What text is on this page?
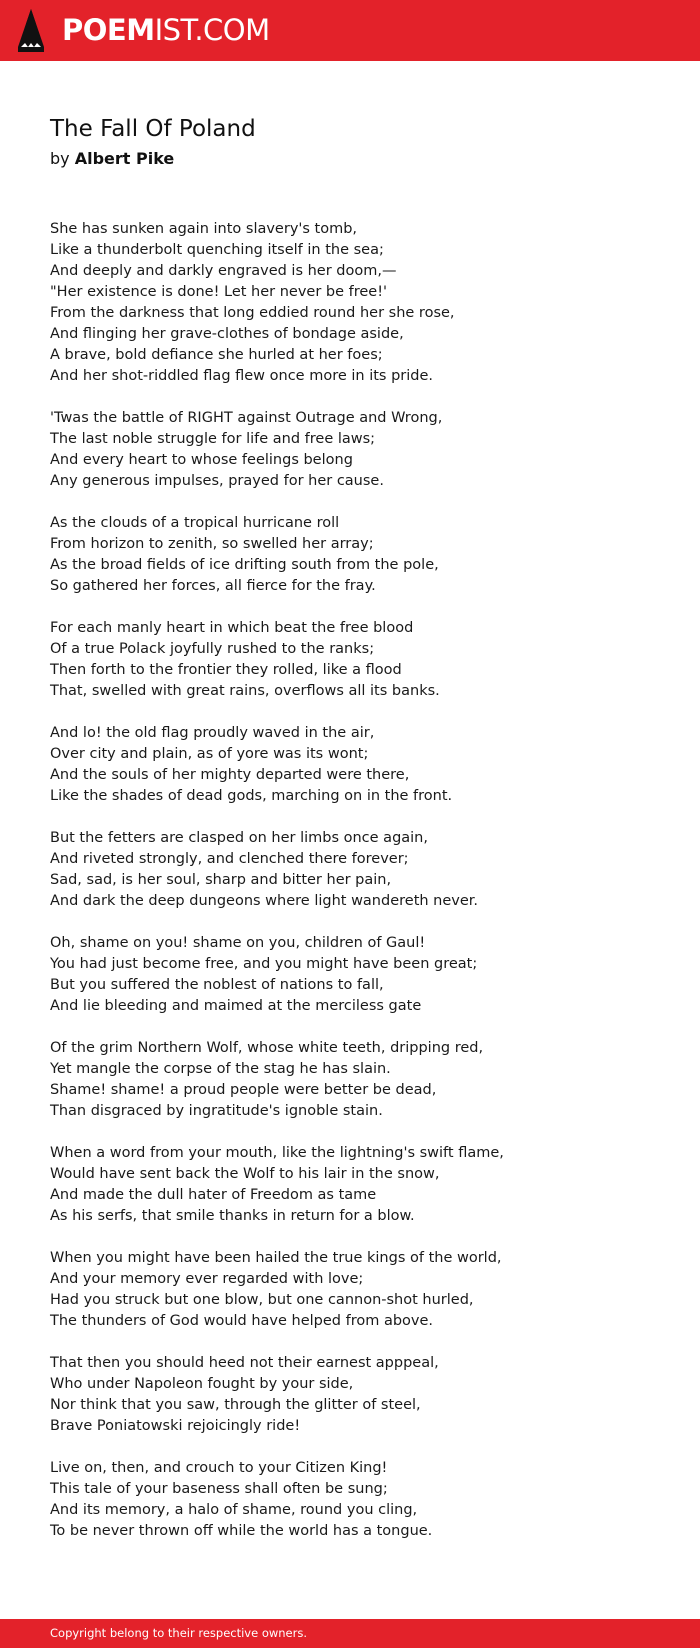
POEMIST.COM
The Fall Of Poland
by Albert Pike
She has sunken again into slavery's tomb,
Like a thunderbolt quenching itself in the sea;
And deeply and darkly engraved is her doom,—
"Her existence is done! Let her never be free!'
From the darkness that long eddied round her she rose,
And flinging her grave-clothes of bondage aside,
A brave, bold defiance she hurled at her foes;
And her shot-riddled flag flew once more in its pride.
'Twas the battle of RIGHT against Outrage and Wrong,
The last noble struggle for life and free laws;
And every heart to whose feelings belong
Any generous impulses, prayed for her cause.
As the clouds of a tropical hurricane roll
From horizon to zenith, so swelled her array;
As the broad fields of ice drifting south from the pole,
So gathered her forces, all fierce for the fray.
For each manly heart in which beat the free blood
Of a true Polack joyfully rushed to the ranks;
Then forth to the frontier they rolled, like a flood
That, swelled with great rains, overflows all its banks.
And lo! the old flag proudly waved in the air,
Over city and plain, as of yore was its wont;
And the souls of her mighty departed were there,
Like the shades of dead gods, marching on in the front.
But the fetters are clasped on her limbs once again,
And riveted strongly, and clenched there forever;
Sad, sad, is her soul, sharp and bitter her pain,
And dark the deep dungeons where light wandereth never.
Oh, shame on you! shame on you, children of Gaul!
You had just become free, and you might have been great;
But you suffered the noblest of nations to fall,
And lie bleeding and maimed at the merciless gate
Of the grim Northern Wolf, whose white teeth, dripping red,
Yet mangle the corpse of the stag he has slain.
Shame! shame! a proud people were better be dead,
Than disgraced by ingratitude's ignoble stain.
When a word from your mouth, like the lightning's swift flame,
Would have sent back the Wolf to his lair in the snow,
And made the dull hater of Freedom as tame
As his serfs, that smile thanks in return for a blow.
When you might have been hailed the true kings of the world,
And your memory ever regarded with love;
Had you struck but one blow, but one cannon-shot hurled,
The thunders of God would have helped from above.
That then you should heed not their earnest apppeal,
Who under Napoleon fought by your side,
Nor think that you saw, through the glitter of steel,
Brave Poniatowski rejoicingly ride!
Live on, then, and crouch to your Citizen King!
This tale of your baseness shall often be sung;
And its memory, a halo of shame, round you cling,
To be never thrown off while the world has a tongue.
Copyright belong to their respective owners.
